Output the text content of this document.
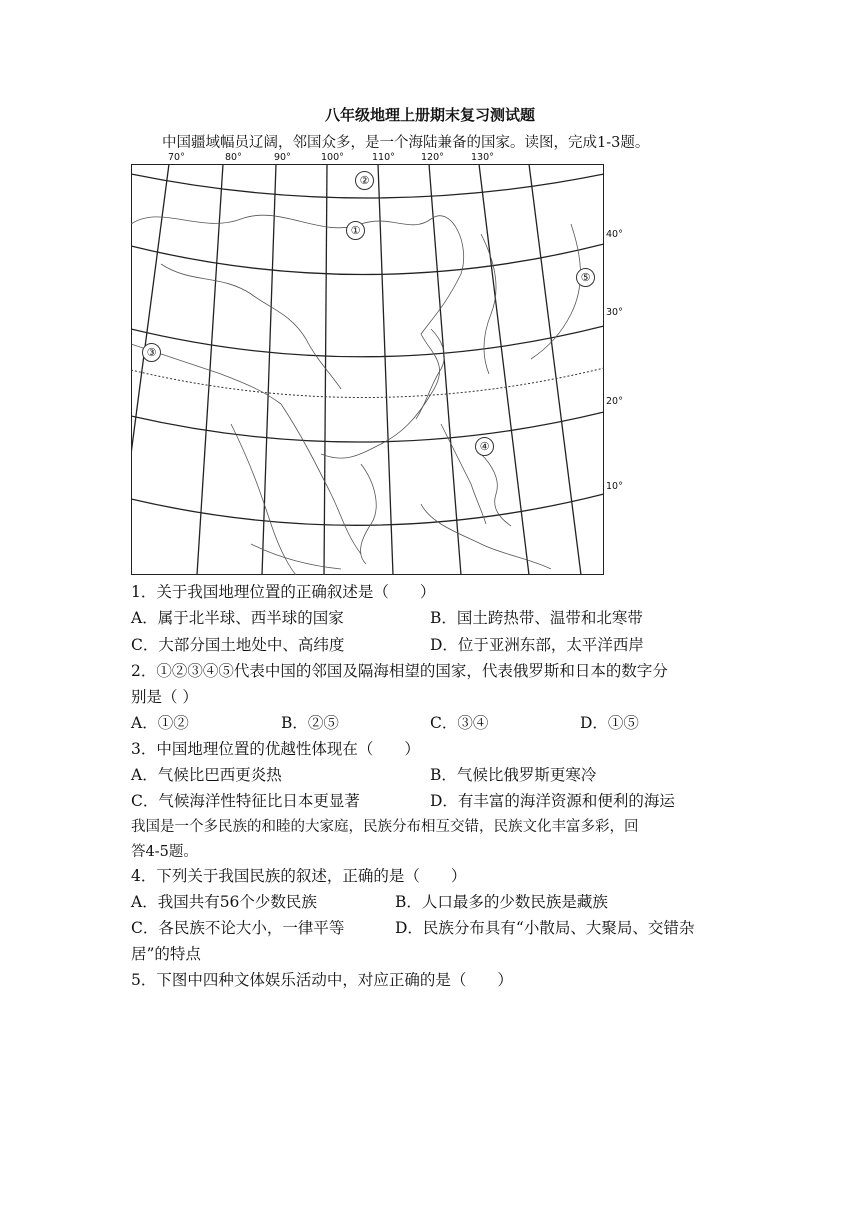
八年级地理上册期末复习测试题
中国疆域幅员辽阔，邻国众多，是一个海陆兼备的国家。读图，完成1-3题。
70°	80°	90°	100°	110°	120°	130°
40°
30°
20°
10°
②
①
⑤
③
④
1．关于我国地理位置的正确叙述是（　　）
A．属于北半球、西半球的国家	B．国土跨热带、温带和北寒带
C．大部分国土地处中、高纬度	D．位于亚洲东部，太平洋西岸
2．①②③④⑤代表中国的邻国及隔海相望的国家，代表俄罗斯和日本的数字分
别是（ ）
A．①②	B．②⑤	C．③④	D．①⑤
3．中国地理位置的优越性体现在（　　）
A．气候比巴西更炎热	B．气候比俄罗斯更寒冷
C．气候海洋性特征比日本更显著	D．有丰富的海洋资源和便利的海运
我国是一个多民族的和睦的大家庭，民族分布相互交错，民族文化丰富多彩，回
答4-5题。
4．下列关于我国民族的叙述，正确的是（　　）
A．我国共有56个少数民族	B．人口最多的少数民族是藏族
C．各民族不论大小，一律平等	D．民族分布具有“小散局、大聚局、交错杂
居”的特点
5．下图中四种文体娱乐活动中，对应正确的是（　　）
